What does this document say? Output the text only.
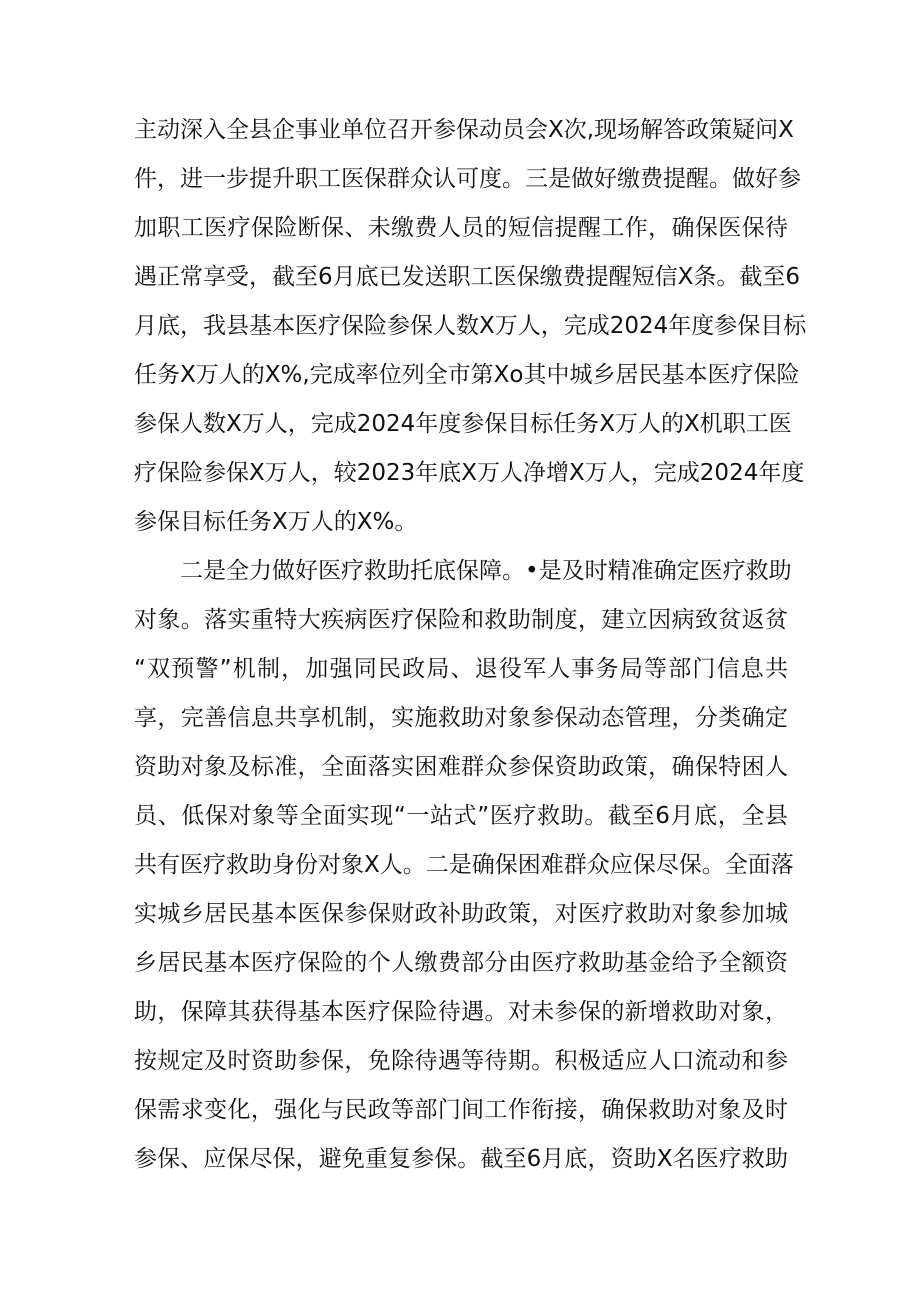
主动深入全县企事业单位召开参保动员会X次,现场解答政策疑问X

件，进一步提升职工医保群众认可度。三是做好缴费提醒。做好参

加职工医疗保险断保、未缴费人员的短信提醒工作，确保医保待

遇正常享受，截至6月底已发送职工医保缴费提醒短信X条。截至6

月底，我县基本医疗保险参保人数X万人，完成2024年度参保目标

任务X万人的X%,完成率位列全市第Xo其中城乡居民基本医疗保险

参保人数X万人，完成2024年度参保目标任务X万人的X机职工医

疗保险参保X万人，较2023年底X万人净增X万人，完成2024年度

参保目标任务X万人的X%。

二是全力做好医疗救助托底保障。•是及时精准确定医疗救助

对象。落实重特大疾病医疗保险和救助制度，建立因病致贫返贫

“双预警”机制，加强同民政局、退役军人事务局等部门信息共

享，完善信息共享机制，实施救助对象参保动态管理，分类确定

资助对象及标准，全面落实困难群众参保资助政策，确保特困人

员、低保对象等全面实现“一站式”医疗救助。截至6月底，全县

共有医疗救助身份对象X人。二是确保困难群众应保尽保。全面落

实城乡居民基本医保参保财政补助政策，对医疗救助对象参加城

乡居民基本医疗保险的个人缴费部分由医疗救助基金给予全额资

助，保障其获得基本医疗保险待遇。对未参保的新增救助对象，

按规定及时资助参保，免除待遇等待期。积极适应人口流动和参

保需求变化，强化与民政等部门间工作衔接，确保救助对象及时

参保、应保尽保，避免重复参保。截至6月底，资助X名医疗救助
